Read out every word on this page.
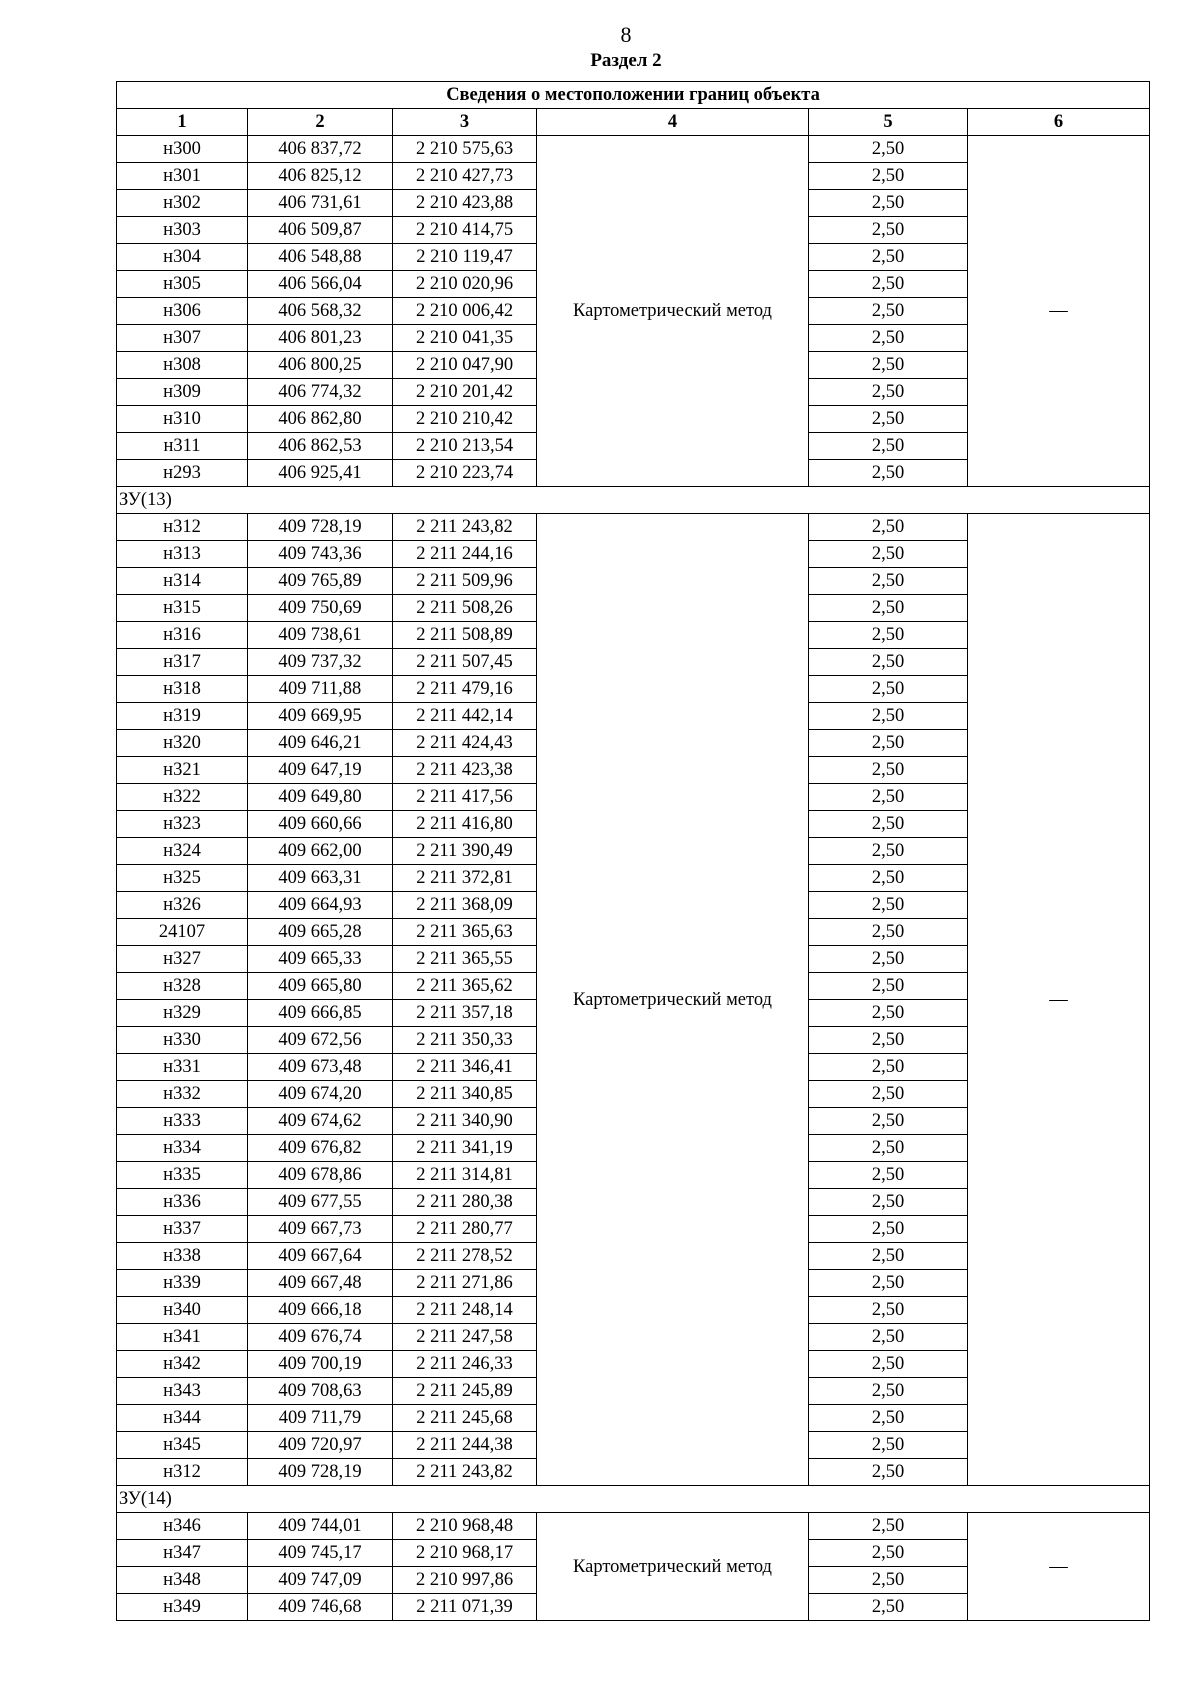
8
Раздел 2
Сведения о местоположении границ объекта					
1	2	3	4	5	6
н300	406 837,72	2 210 575,63	Картометрический метод	2,50	—
н301	406 825,12	2 210 427,73		2,50	
н302	406 731,61	2 210 423,88		2,50	
н303	406 509,87	2 210 414,75		2,50	
н304	406 548,88	2 210 119,47		2,50	
н305	406 566,04	2 210 020,96		2,50	
н306	406 568,32	2 210 006,42		2,50	
н307	406 801,23	2 210 041,35		2,50	
н308	406 800,25	2 210 047,90		2,50	
н309	406 774,32	2 210 201,42		2,50	
н310	406 862,80	2 210 210,42		2,50	
н311	406 862,53	2 210 213,54		2,50	
н293	406 925,41	2 210 223,74		2,50	
ЗУ(13)					
н312	409 728,19	2 211 243,82	Картометрический метод	2,50	—
н313	409 743,36	2 211 244,16		2,50	
н314	409 765,89	2 211 509,96		2,50	
н315	409 750,69	2 211 508,26		2,50	
н316	409 738,61	2 211 508,89		2,50	
н317	409 737,32	2 211 507,45		2,50	
н318	409 711,88	2 211 479,16		2,50	
н319	409 669,95	2 211 442,14		2,50	
н320	409 646,21	2 211 424,43		2,50	
н321	409 647,19	2 211 423,38		2,50	
н322	409 649,80	2 211 417,56		2,50	
н323	409 660,66	2 211 416,80		2,50	
н324	409 662,00	2 211 390,49		2,50	
н325	409 663,31	2 211 372,81		2,50	
н326	409 664,93	2 211 368,09		2,50	
24107	409 665,28	2 211 365,63		2,50	
н327	409 665,33	2 211 365,55		2,50	
н328	409 665,80	2 211 365,62		2,50	
н329	409 666,85	2 211 357,18		2,50	
н330	409 672,56	2 211 350,33		2,50	
н331	409 673,48	2 211 346,41		2,50	
н332	409 674,20	2 211 340,85		2,50	
н333	409 674,62	2 211 340,90		2,50	
н334	409 676,82	2 211 341,19		2,50	
н335	409 678,86	2 211 314,81		2,50	
н336	409 677,55	2 211 280,38		2,50	
н337	409 667,73	2 211 280,77		2,50	
н338	409 667,64	2 211 278,52		2,50	
н339	409 667,48	2 211 271,86		2,50	
н340	409 666,18	2 211 248,14		2,50	
н341	409 676,74	2 211 247,58		2,50	
н342	409 700,19	2 211 246,33		2,50	
н343	409 708,63	2 211 245,89		2,50	
н344	409 711,79	2 211 245,68		2,50	
н345	409 720,97	2 211 244,38		2,50	
н312	409 728,19	2 211 243,82		2,50	
ЗУ(14)					
н346	409 744,01	2 210 968,48	Картометрический метод	2,50	—
н347	409 745,17	2 210 968,17		2,50	
н348	409 747,09	2 210 997,86		2,50	
н349	409 746,68	2 211 071,39		2,50	
